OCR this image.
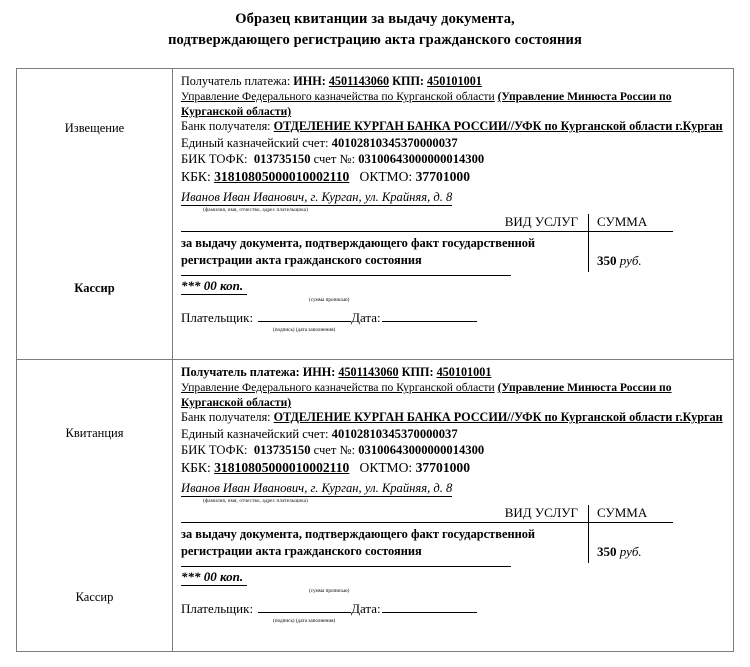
Образец квитанции за выдачу документа,
подтверждающего регистрацию акта гражданского состояния
Извещение
Кассир
Получатель платежа: ИНН: 4501143060 КПП: 450101001
Управление Федерального казначейства по Курганской области (Управление Минюста России по Курганской области)
Банк получателя: ОТДЕЛЕНИЕ КУРГАН БАНКА РОССИИ//УФК по Курганской области г.Курган
Единый казначейский счет: 40102810345370000037
БИК ТОФК: 013735150 счет №: 03100643000000014300
КБК: 31810805000010002110 ОКТМО: 37701000
Иванов Иван Иванович, г. Курган, ул. Крайняя, д. 8
(фамилия, имя, отчество, адрес плательщика)
ВИД УСЛУГ	СУММА
за выдачу документа, подтверждающего факт государственной регистрации акта гражданского состояния	350 руб.
*** 00 коп.
(сумма прописью)
Плательщик:	Дата:
(подпись) (дата заполнения)
Квитанция
Кассир
Получатель платежа: ИНН: 4501143060 КПП: 450101001
Управление Федерального казначейства по Курганской области (Управление Минюста России по Курганской области)
Банк получателя: ОТДЕЛЕНИЕ КУРГАН БАНКА РОССИИ//УФК по Курганской области г.Курган
Единый казначейский счет: 40102810345370000037
БИК ТОФК: 013735150 счет №: 03100643000000014300
КБК: 31810805000010002110 ОКТМО: 37701000
Иванов Иван Иванович, г. Курган, ул. Крайняя, д. 8
(фамилия, имя, отчество, адрес плательщика)
ВИД УСЛУГ	СУММА
за выдачу документа, подтверждающего факт государственной регистрации акта гражданского состояния	350 руб.
*** 00 коп.
(сумма прописью)
Плательщик:	Дата:
(подпись) (дата заполнения)
